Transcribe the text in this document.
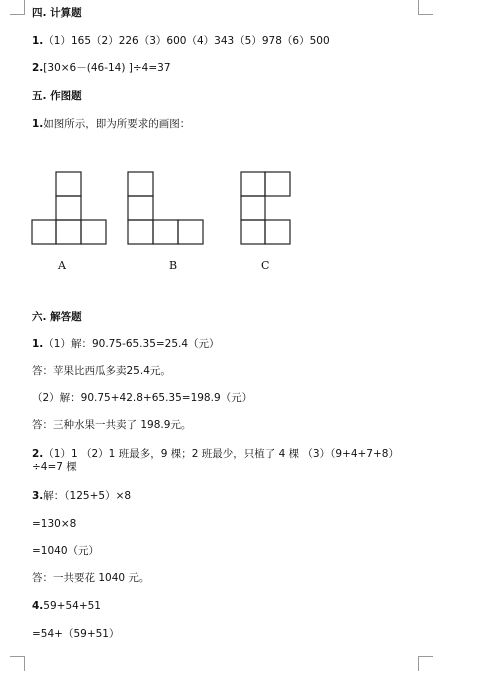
四. 计算题
1.（1）165（2）226（3）600（4）343（5）978（6）500
2.[30×6－(46-14) ]÷4=37
五. 作图题
1.如图所示，即为所要求的画图：
A	B	C
六. 解答题
1.（1）解：90.75-65.35=25.4（元）
答：苹果比西瓜多卖25.4元。
（2）解：90.75+42.8+65.35=198.9（元）
答：三种水果一共卖了 198.9元。
2.（1）1 （2）1 班最多，9 棵；2 班最少，只植了 4 棵 （3）（9+4+7+8）÷4=7 棵
3.解：（125+5）×8
=130×8
=1040（元）
答：一共要花 1040 元。
4.59+54+51
=54+（59+51）
